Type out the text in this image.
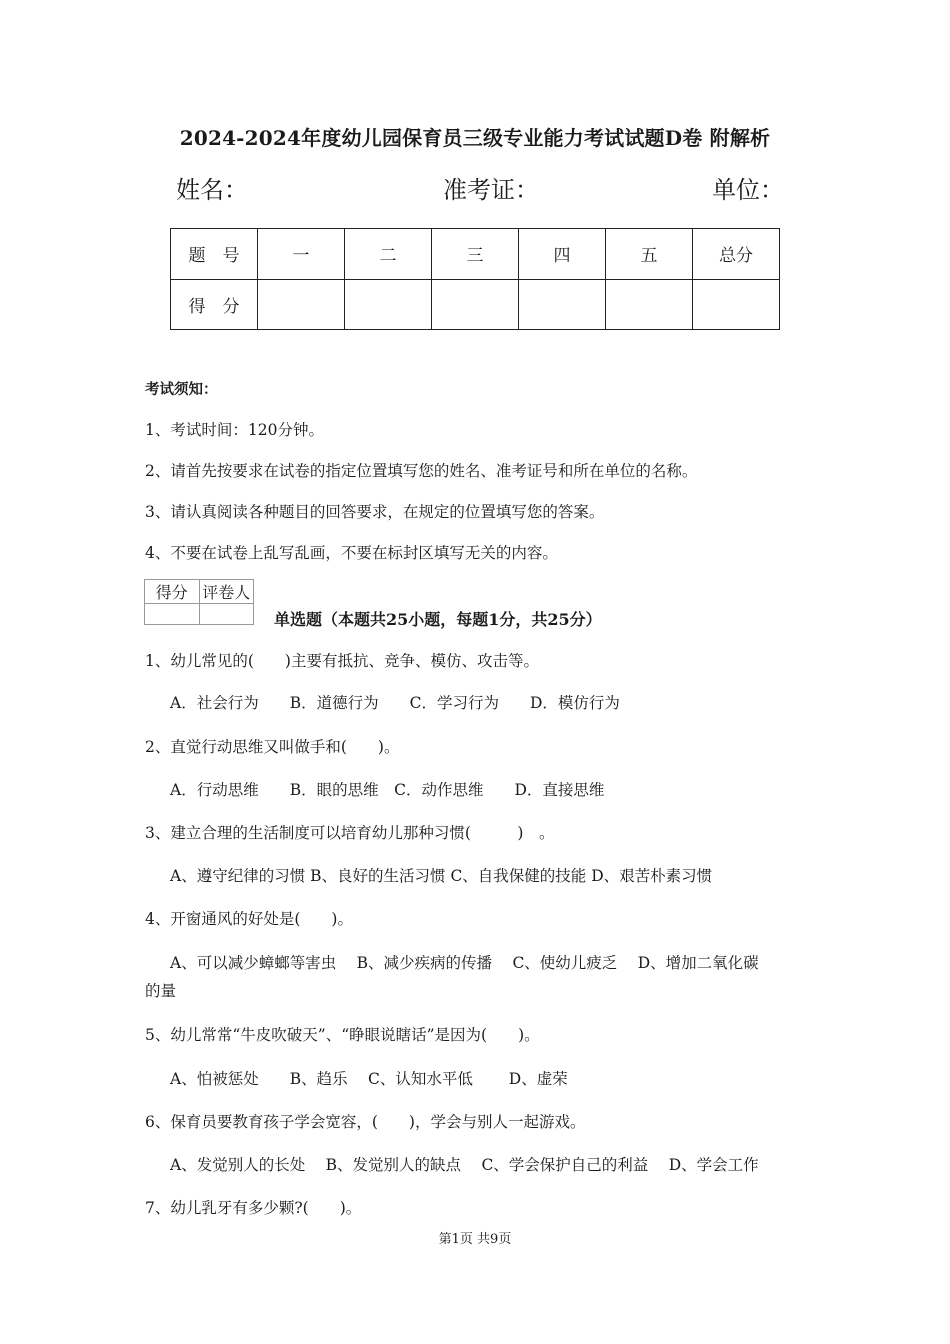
2024-2024年度幼儿园保育员三级专业能力考试试题D卷 附解析
姓名：	准考证：	单位：
题　号	一	二	三	四	五	总分
得　分						
考试须知：
1、考试时间：120分钟。
2、请首先按要求在试卷的指定位置填写您的姓名、准考证号和所在单位的名称。
3、请认真阅读各种题目的回答要求，在规定的位置填写您的答案。
4、不要在试卷上乱写乱画，不要在标封区填写无关的内容。
得分	评卷人

单选题（本题共25小题，每题1分，共25分）
1、幼儿常见的(　　)主要有抵抗、竞争、模仿、攻击等。
A．社会行为　　B．道德行为　　C．学习行为　　D．模仿行为
2、直觉行动思维又叫做手和(　　)。
A．行动思维　　B．眼的思维　C．动作思维　　D．直接思维
3、建立合理的生活制度可以培育幼儿那种习惯(　　　)　。
A、遵守纪律的习惯 B、良好的生活习惯 C、自我保健的技能 D、艰苦朴素习惯
4、开窗通风的好处是(　　)。
A、可以减少蟑螂等害虫　 B、减少疾病的传播　 C、使幼儿疲乏　 D、增加二氧化碳
的量
5、幼儿常常“牛皮吹破天”、“睁眼说瞎话”是因为(　　)。
A、怕被惩处　　B、趋乐　 C、认知水平低　　 D、虚荣
6、保育员要教育孩子学会宽容，(　　)，学会与别人一起游戏。
A、发觉别人的长处　 B、发觉别人的缺点　 C、学会保护自己的利益　 D、学会工作
7、幼儿乳牙有多少颗?(　　)。
第1页 共9页
